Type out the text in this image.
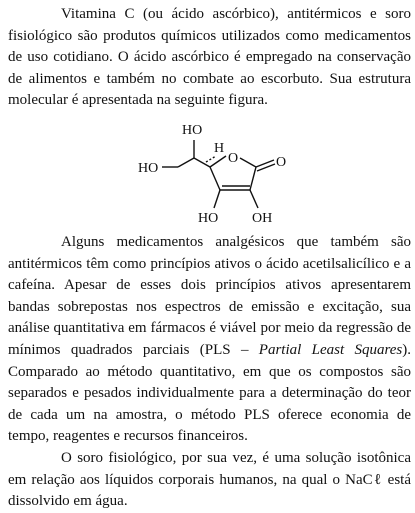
Vitamina C (ou ácido ascórbico), antitérmicos e soro fisiológico são produtos químicos utilizados como medicamentos de uso cotidiano. O ácido ascórbico é empregado na conservação de alimentos e também no combate ao escorbuto. Sua estrutura molecular é apresentada na seguinte figura.

HO
H
HO
O	O
HO OH

Alguns medicamentos analgésicos que também são antitérmicos têm como princípios ativos o ácido acetilsalicílico e a cafeína. Apesar de esses dois princípios ativos apresentarem bandas sobrepostas nos espectros de emissão e excitação, sua análise quantitativa em fármacos é viável por meio da regressão de mínimos quadrados parciais (PLS – Partial Least Squares). Comparado ao método quantitativo, em que os compostos são separados e pesados individualmente para a determinação do teor de cada um na amostra, o método PLS oferece economia de tempo, reagentes e recursos financeiros.

O soro fisiológico, por sua vez, é uma solução isotônica em relação aos líquidos corporais humanos, na qual o NaCℓ está dissolvido em água.
